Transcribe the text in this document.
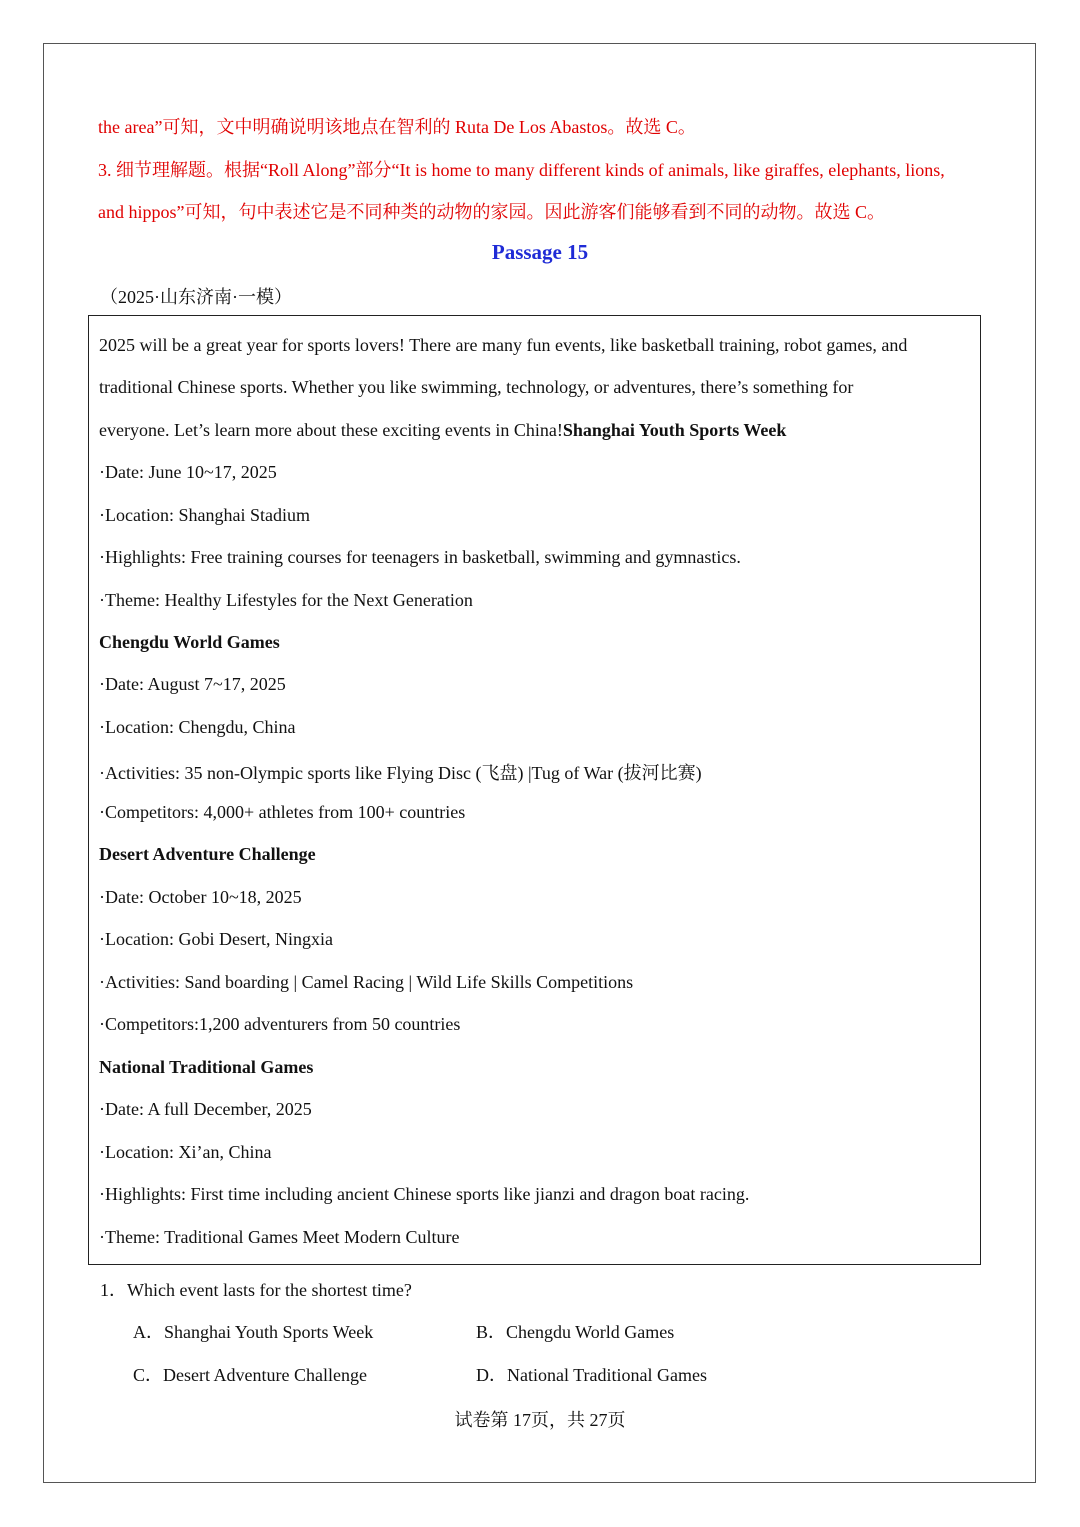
the area”可知，文中明确说明该地点在智利的 Ruta De Los Abastos。故选 C。
3. 细节理解题。根据“Roll Along”部分“It is home to many different kinds of animals, like giraffes, elephants, lions,
and hippos”可知，句中表述它是不同种类的动物的家园。因此游客们能够看到不同的动物。故选 C。
Passage 15
（2025·山东济南·一模）
2025 will be a great year for sports lovers! There are many fun events, like basketball training, robot games, and
traditional Chinese sports. Whether you like swimming, technology, or adventures, there’s something for
everyone. Let’s learn more about these exciting events in China!Shanghai Youth Sports Week
·Date: June 10~17, 2025
·Location: Shanghai Stadium
·Highlights: Free training courses for teenagers in basketball, swimming and gymnastics.
·Theme: Healthy Lifestyles for the Next Generation
Chengdu World Games
·Date: August 7~17, 2025
·Location: Chengdu, China
·Activities: 35 non-Olympic sports like Flying Disc (飞盘) |Tug of War (拔河比赛)
·Competitors: 4,000+ athletes from 100+ countries
Desert Adventure Challenge
·Date: October 10~18, 2025
·Location: Gobi Desert, Ningxia
·Activities: Sand boarding | Camel Racing | Wild Life Skills Competitions
·Competitors:1,200 adventurers from 50 countries
National Traditional Games
·Date: A full December, 2025
·Location: Xi’an, China
·Highlights: First time including ancient Chinese sports like jianzi and dragon boat racing.
·Theme: Traditional Games Meet Modern Culture
1．Which event lasts for the shortest time?
A．Shanghai Youth Sports Week	B．Chengdu World Games
C．Desert Adventure Challenge	D．National Traditional Games
试卷第 17页，共 27页
